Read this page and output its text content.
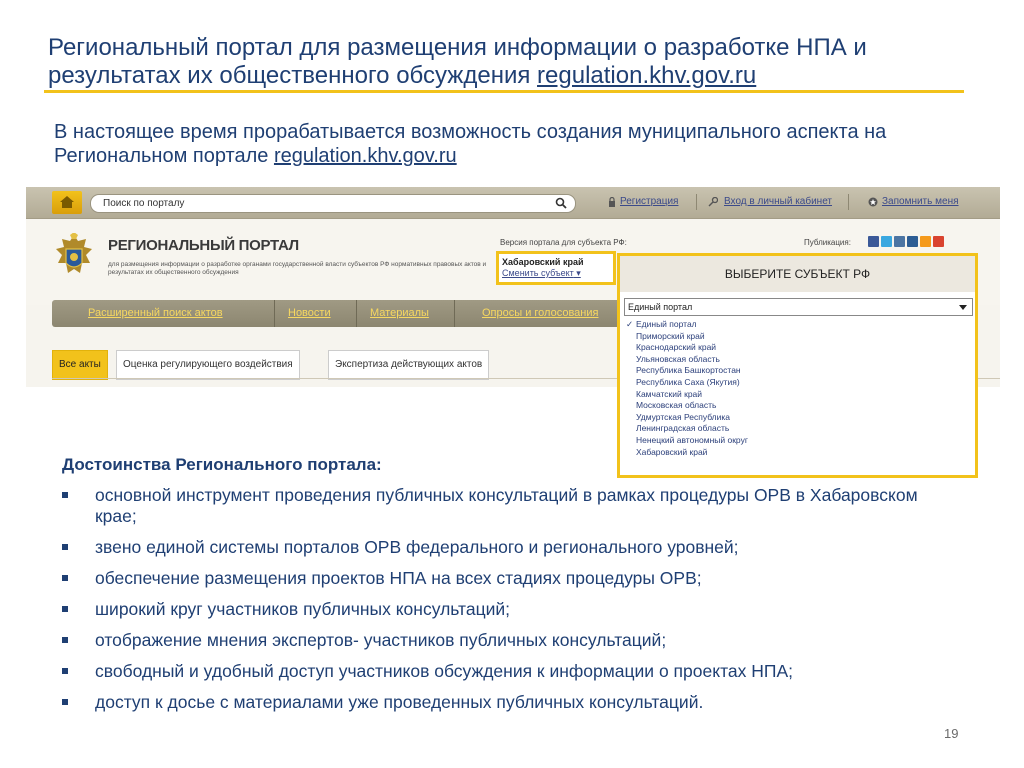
Региональный портал для размещения информации о разработке НПА и результатах их общественного обсуждения regulation.khv.gov.ru
В настоящее время прорабатывается возможность создания муниципального аспекта на Региональном портале regulation.khv.gov.ru
Поиск по порталу	Регистрация	Вход в личный кабинет	Запомнить меня
РЕГИОНАЛЬНЫЙ ПОРТАЛ
для размещения информации о разработке органами государственной власти субъектов РФ нормативных правовых актов и результатах их общественного обсуждения
Версия портала для субъекта РФ:
Хабаровский край
Сменить субъект ▾
Публикация:
Расширенный поиск актов	Новости	Материалы	Опросы и голосования
Все акты	Оценка регулирующего воздействия	Экспертиза действующих актов
ВЫБЕРИТЕ СУБЪЕКТ РФ
Единый портал
✓ Единый портал
Приморский край
Краснодарский край
Ульяновская область
Республика Башкортостан
Республика Саха (Якутия)
Камчатский край
Московская область
Удмуртская Республика
Ленинградская область
Ненецкий автономный округ
Хабаровский край
Достоинства Регионального портала:
основной инструмент проведения публичных консультаций в рамках процедуры ОРВ в Хабаровском крае;
звено единой системы порталов ОРВ федерального и регионального уровней;
обеспечение размещения проектов НПА на всех стадиях процедуры ОРВ;
широкий круг участников публичных консультаций;
отображение мнения экспертов- участников публичных консультаций;
свободный и удобный доступ участников обсуждения к информации о проектах НПА;
доступ к досье с материалами уже проведенных публичных консультаций.
19
